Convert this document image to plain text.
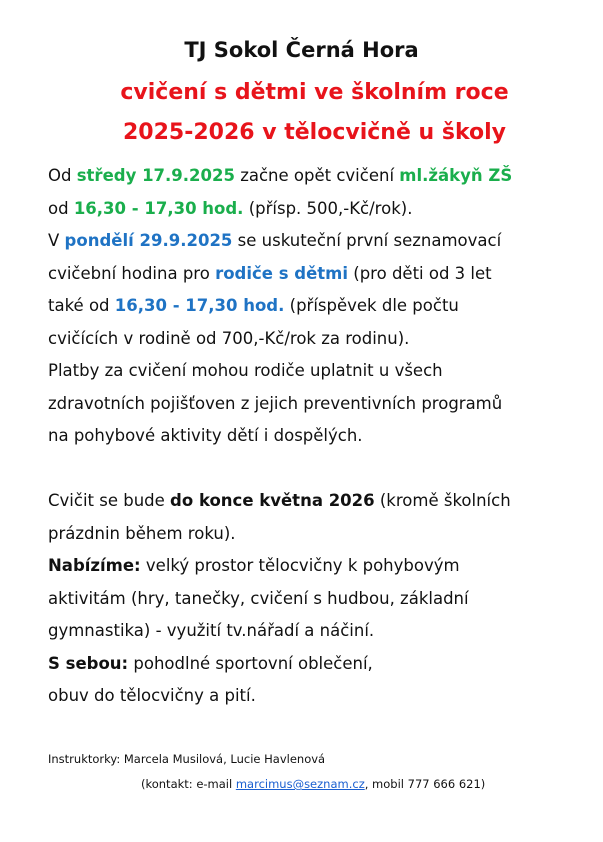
TJ Sokol Černá Hora
cvičení s dětmi ve školním roce
2025-2026 v tělocvičně u školy
Od středy 17.9.2025 začne opět cvičení ml.žákyň ZŠ
od 16,30 - 17,30 hod. (přísp. 500,-Kč/rok).
V pondělí 29.9.2025 se uskuteční první seznamovací
cvičební hodina pro rodiče s dětmi (pro děti od 3 let
také od 16,30 - 17,30 hod. (příspěvek dle počtu
cvičících v rodině od 700,-Kč/rok za rodinu).
Platby za cvičení mohou rodiče uplatnit u všech
zdravotních pojišťoven z jejich preventivních programů
na pohybové aktivity dětí i dospělých.
Cvičit se bude do konce května 2026 (kromě školních
prázdnin během roku).
Nabízíme: velký prostor tělocvičny k pohybovým
aktivitám (hry, tanečky, cvičení s hudbou, základní
gymnastika) - využití tv.nářadí a náčiní.
S sebou: pohodlné sportovní oblečení,
obuv do tělocvičny a pití.
Instruktorky: Marcela Musilová, Lucie Havlenová
(kontakt: e-mail marcimus@seznam.cz, mobil 777 666 621)
